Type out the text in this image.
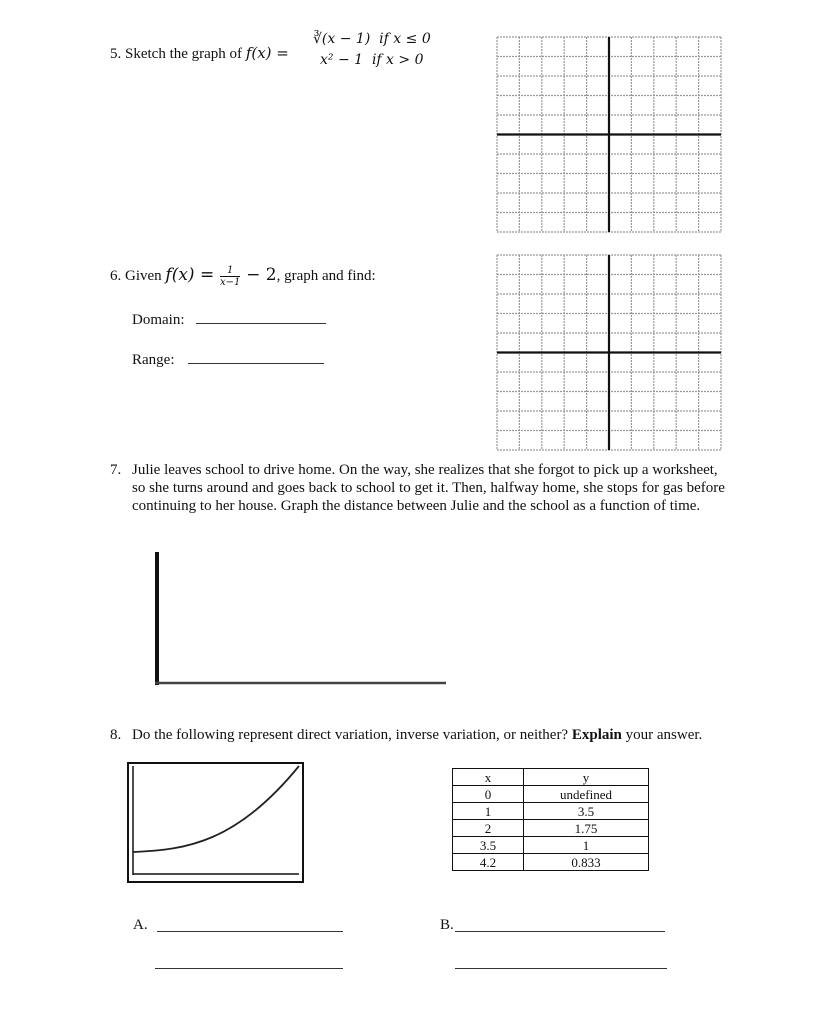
5. Sketch the graph of f(x) =
∛(x − 1)  if x ≤ 0
x² − 1  if x > 0
6. Given $f(x) = \frac{1}{x-1} - 2$, graph and find:
Domain:
Range:
7. Julie leaves school to drive home. On the way, she realizes that she forgot to pick up a worksheet, so she turns around and goes back to school to get it. Then, halfway home, she stops for gas before continuing to her house. Graph the distance between Julie and the school as a function of time.
8. Do the following represent direct variation, inverse variation, or neither? Explain your answer.
x	y
0	undefined
1	3.5
2	1.75
3.5	1
4.2	0.833
A.	B.
